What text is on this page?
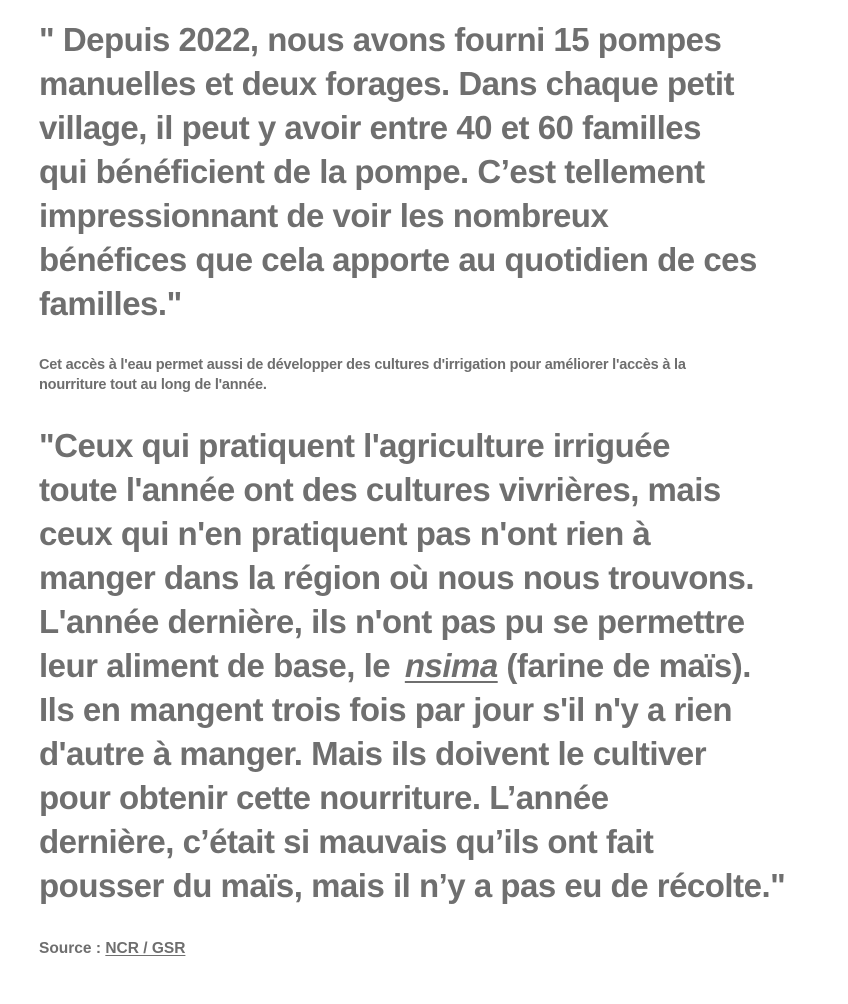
" Depuis 2022, nous avons fourni 15 pompes
manuelles et deux forages. Dans chaque petit
village, il peut y avoir entre 40 et 60 familles
qui bénéficient de la pompe. C’est tellement
impressionnant de voir les nombreux
bénéfices que cela apporte au quotidien de ces
familles."

Cet accès à l'eau permet aussi de développer des cultures d'irrigation pour améliorer l'accès à la
nourriture tout au long de l'année.

"Ceux qui pratiquent l'agriculture irriguée
toute l'année ont des cultures vivrières, mais
ceux qui n'en pratiquent pas n'ont rien à
manger dans la région où nous nous trouvons.
L'année dernière, ils n'ont pas pu se permettre
leur aliment de base, le nsima (farine de maïs).
Ils en mangent trois fois par jour s'il n'y a rien
d'autre à manger. Mais ils doivent le cultiver
pour obtenir cette nourriture. L’année
dernière, c’était si mauvais qu’ils ont fait
pousser du maïs, mais il n’y a pas eu de récolte."

Source : NCR / GSR
